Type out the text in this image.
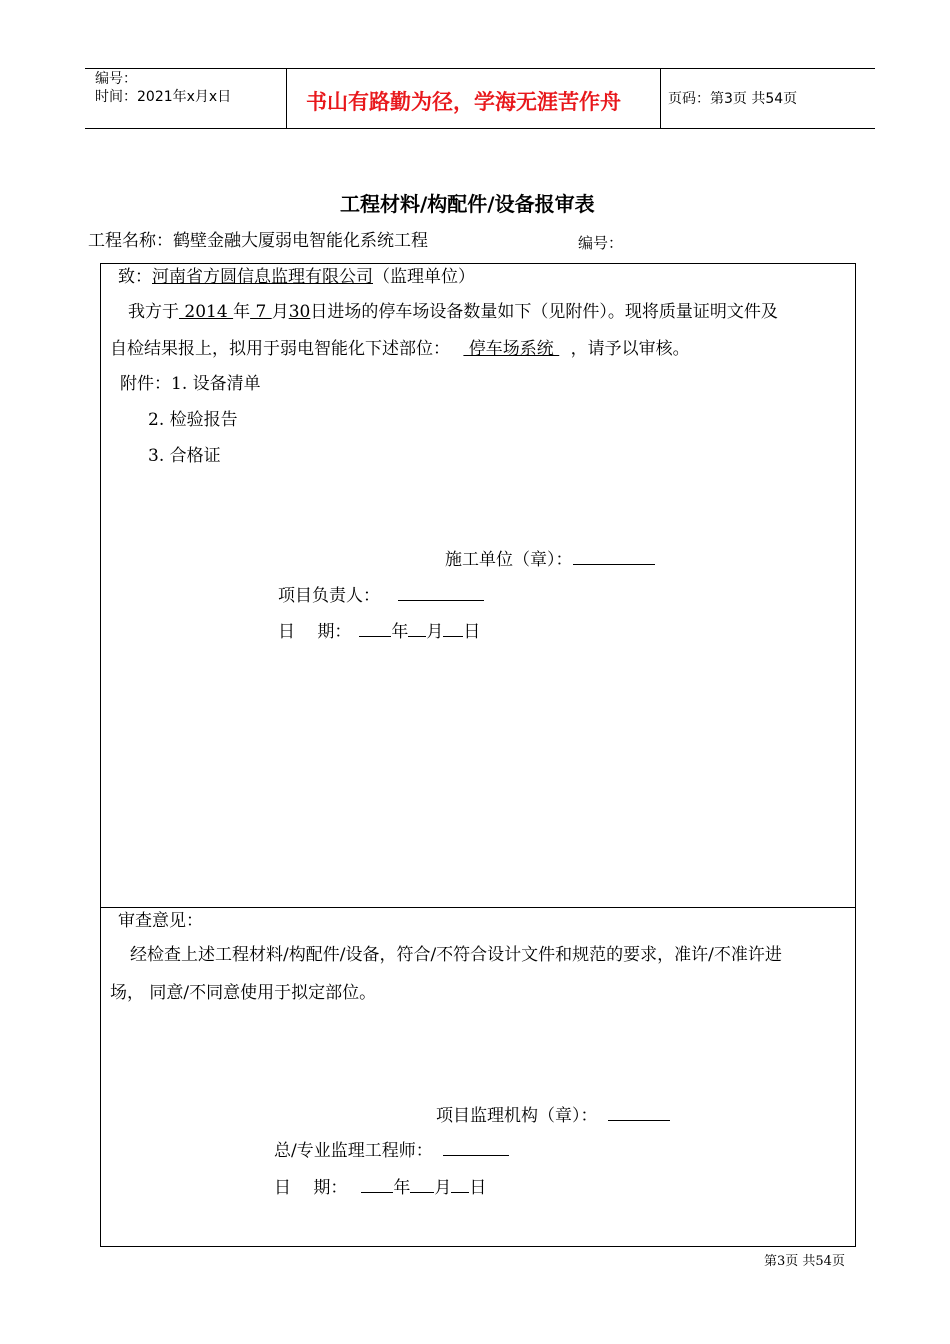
编号：
时间：2021年x月x日	书山有路勤为径，学海无涯苦作舟	页码：第3页 共54页
工程材料/构配件/设备报审表
工程名称：鹤壁金融大厦弱电智能化系统工程	编号：
致：河南省方圆信息监理有限公司（监理单位）
我方于 2014 年 7 月30日进场的停车场设备数量如下（见附件）。现将质量证明文件及
自检结果报上，拟用于弱电智能化下述部位：  停车场系统  ，请予以审核。
附件：1. 设备清单
2. 检验报告
3. 合格证
施工单位（章）：
项目负责人：
日　 期： 年 月 日
审查意见：
经检查上述工程材料/构配件/设备，符合/不符合设计文件和规范的要求，准许/不准许进
场， 同意/不同意使用于拟定部位。
项目监理机构（章）：
总/专业监理工程师：
日　 期：	年 月 日
第3页 共54页
